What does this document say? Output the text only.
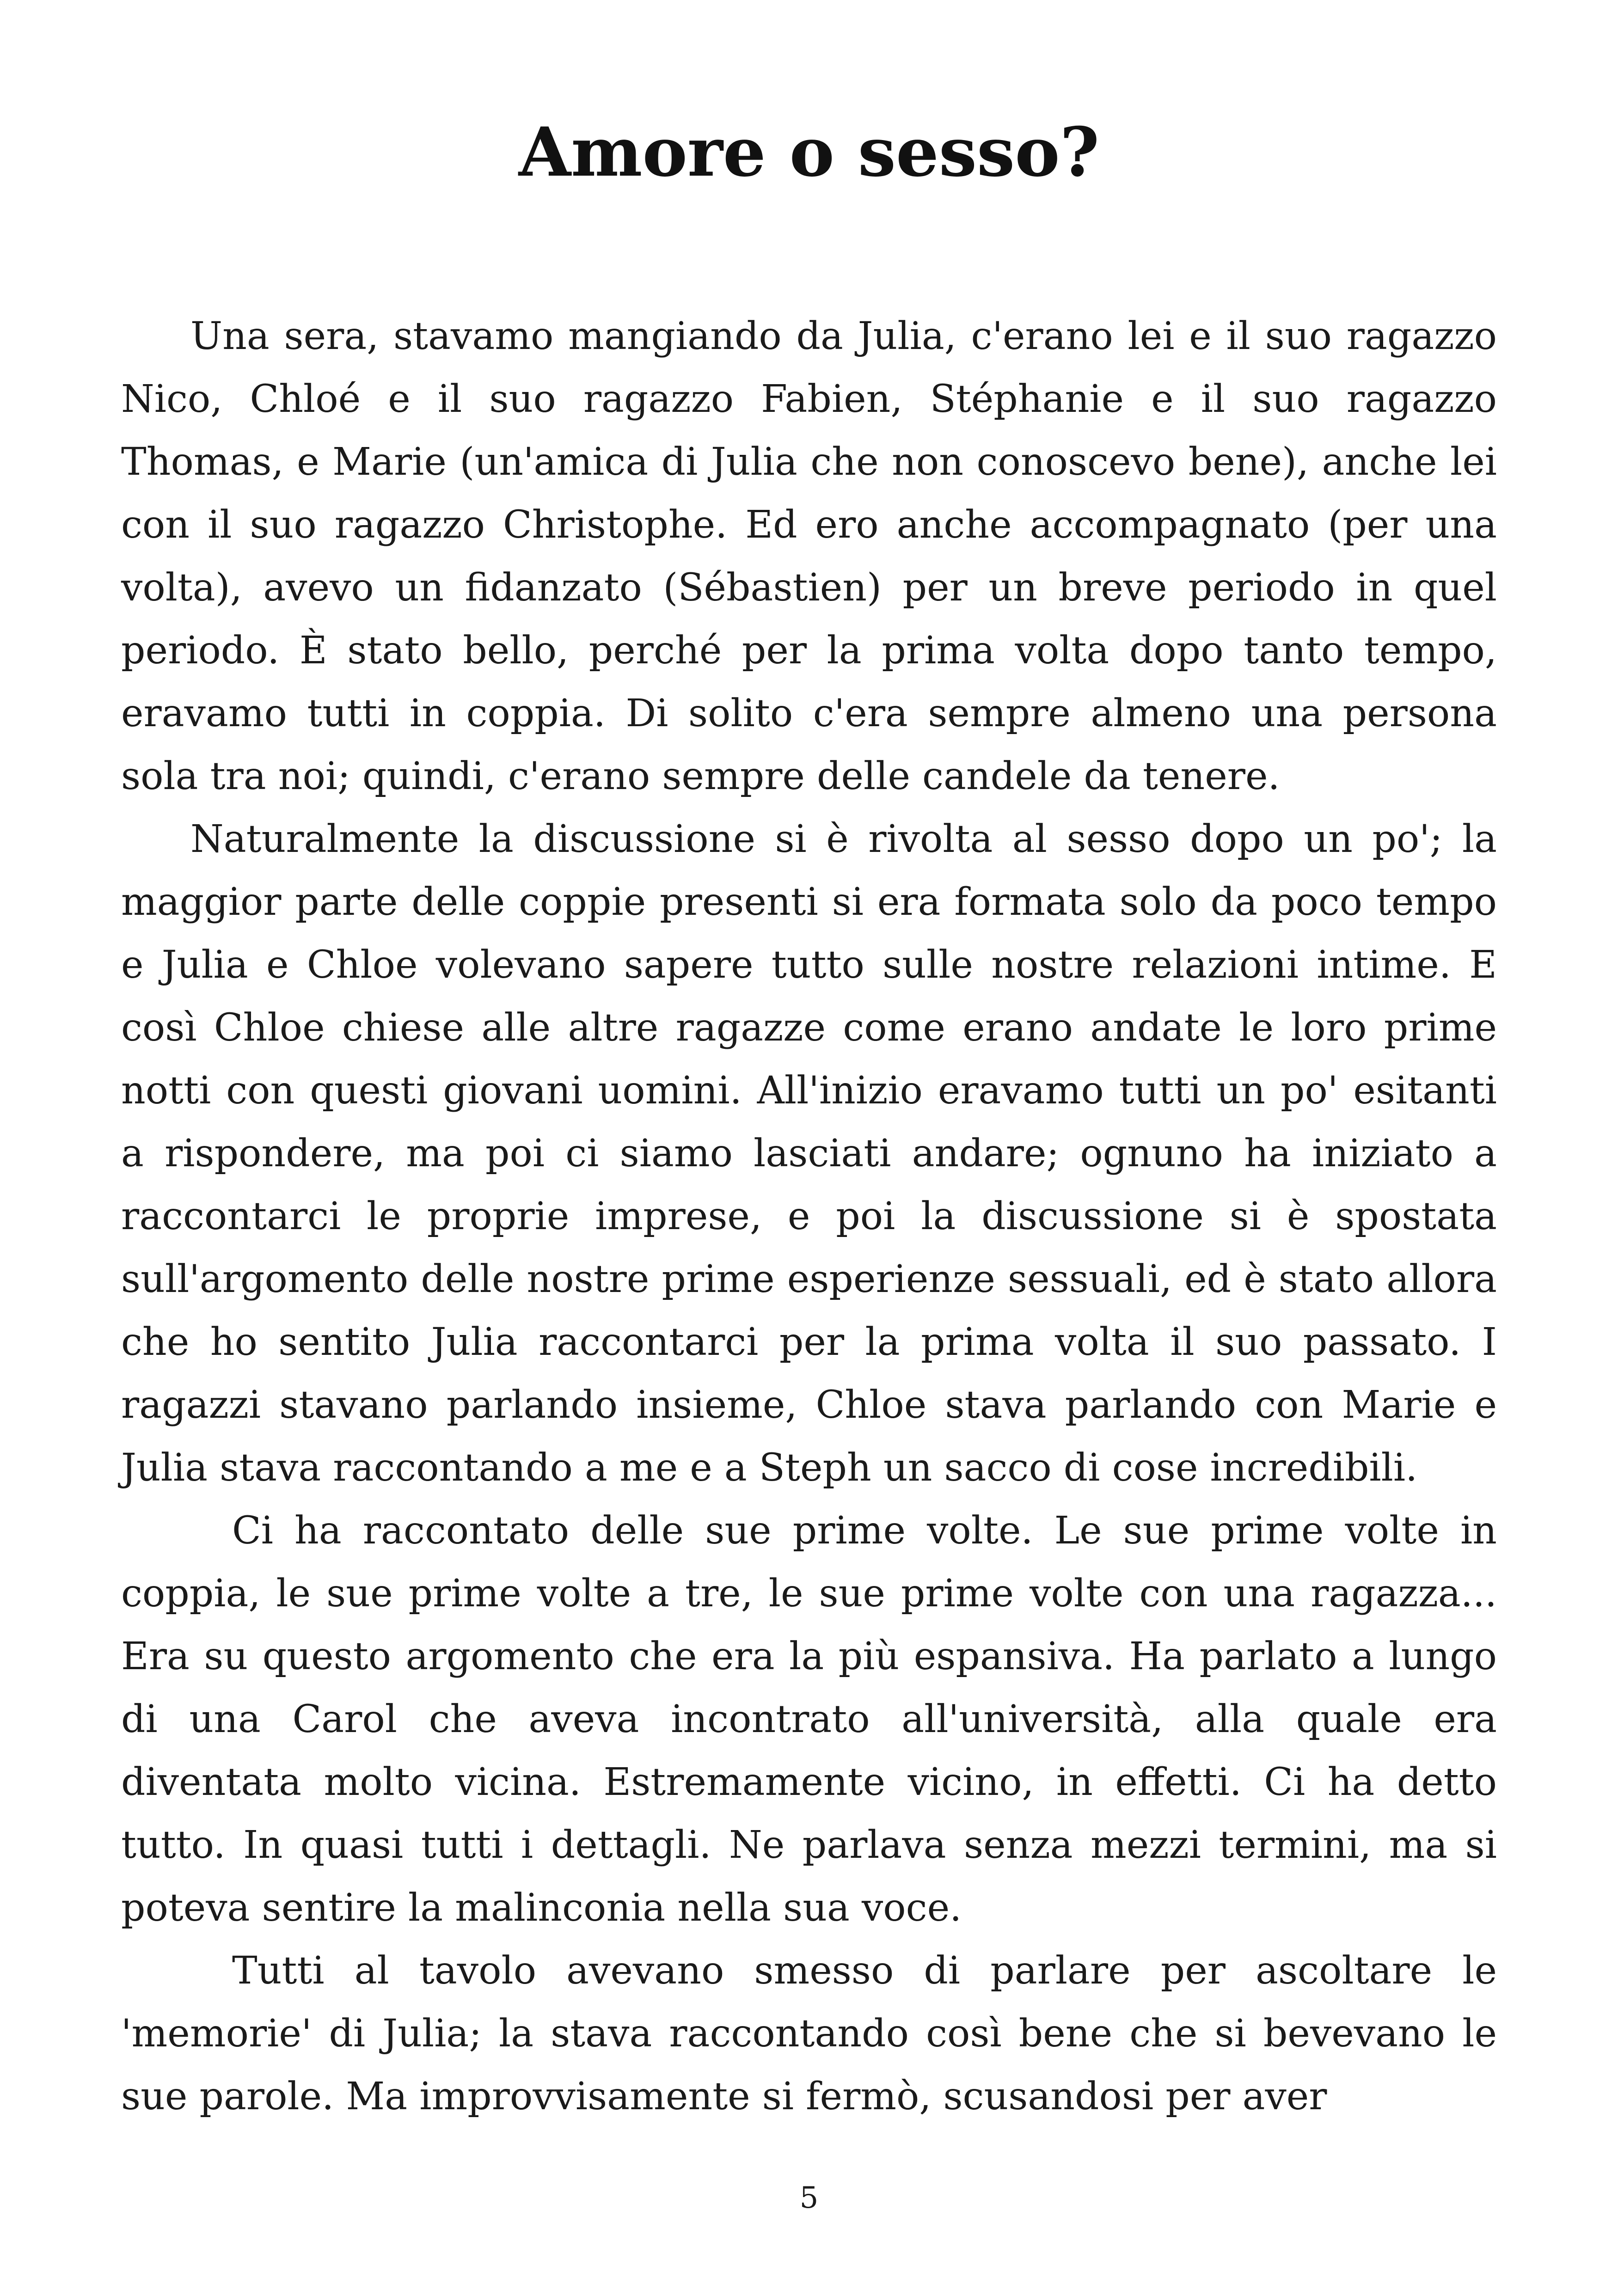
Amore o sesso?

Una sera, stavamo mangiando da Julia, c'erano lei e il suo ragazzo Nico, Chloé e il suo ragazzo Fabien, Stéphanie e il suo ragazzo Thomas, e Marie (un'amica di Julia che non conoscevo bene), anche lei con il suo ragazzo Christophe. Ed ero anche accompagnato (per una volta), avevo un fidanzato (Sébastien) per un breve periodo in quel periodo. È stato bello, perché per la prima volta dopo tanto tempo, eravamo tutti in coppia. Di solito c'era sempre almeno una persona sola tra noi; quindi, c'erano sempre delle candele da tenere.

Naturalmente la discussione si è rivolta al sesso dopo un po'; la maggior parte delle coppie presenti si era formata solo da poco tempo e Julia e Chloe volevano sapere tutto sulle nostre relazioni intime. E così Chloe chiese alle altre ragazze come erano andate le loro prime notti con questi giovani uomini. All'inizio eravamo tutti un po' esitanti a rispondere, ma poi ci siamo lasciati andare; ognuno ha iniziato a raccontarci le proprie imprese, e poi la discussione si è spostata sull'argomento delle nostre prime esperienze sessuali, ed è stato allora che ho sentito Julia raccontarci per la prima volta il suo passato. I ragazzi stavano parlando insieme, Chloe stava parlando con Marie e Julia stava raccontando a me e a Steph un sacco di cose incredibili.

Ci ha raccontato delle sue prime volte. Le sue prime volte in coppia, le sue prime volte a tre, le sue prime volte con una ragazza... Era su questo argomento che era la più espansiva. Ha parlato a lungo di una Carol che aveva incontrato all'università, alla quale era diventata molto vicina. Estremamente vicino, in effetti. Ci ha detto tutto. In quasi tutti i dettagli. Ne parlava senza mezzi termini, ma si poteva sentire la malinconia nella sua voce.

Tutti al tavolo avevano smesso di parlare per ascoltare le 'memorie' di Julia; la stava raccontando così bene che si bevevano le sue parole. Ma improvvisamente si fermò, scusandosi per aver

5
